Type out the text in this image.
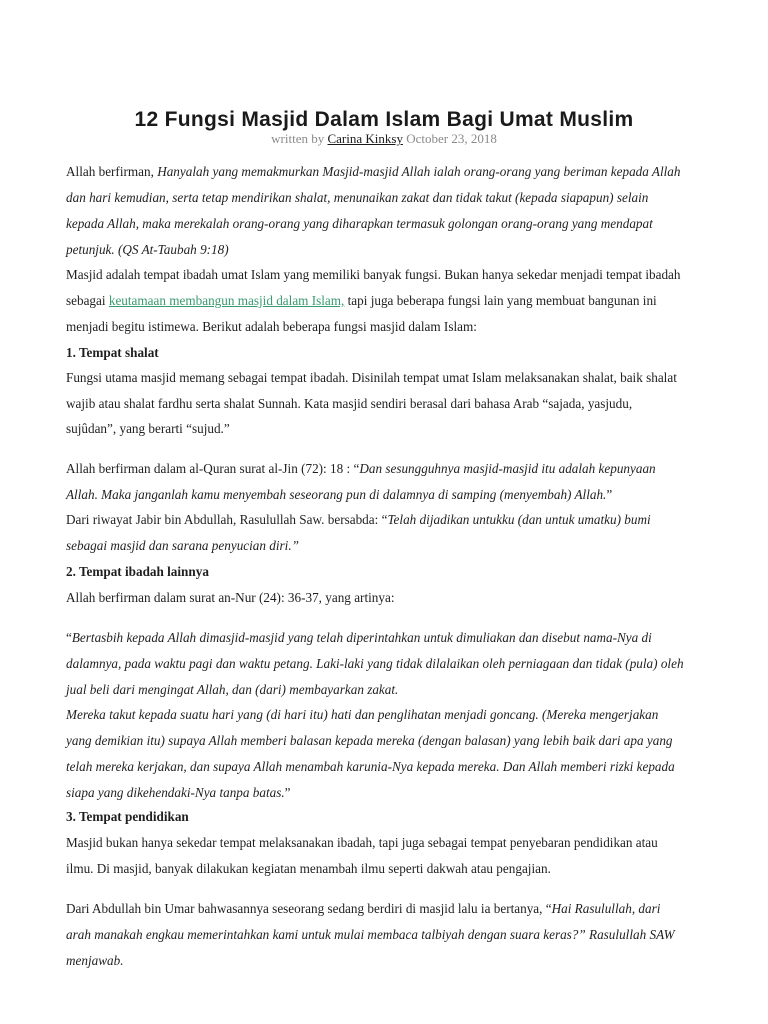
12 Fungsi Masjid Dalam Islam Bagi Umat Muslim
written by Carina Kinksy October 23, 2018
Allah berfirman, Hanyalah yang memakmurkan Masjid-masjid Allah ialah orang-orang yang beriman kepada Allah
dan hari kemudian, serta tetap mendirikan shalat, menunaikan zakat dan tidak takut (kepada siapapun) selain
kepada Allah, maka merekalah orang-orang yang diharapkan termasuk golongan orang-orang yang mendapat
petunjuk. (QS At-Taubah 9:18)
Masjid adalah tempat ibadah umat Islam yang memiliki banyak fungsi. Bukan hanya sekedar menjadi tempat ibadah
sebagai keutamaan membangun masjid dalam Islam, tapi juga beberapa fungsi lain yang membuat bangunan ini
menjadi begitu istimewa. Berikut adalah beberapa fungsi masjid dalam Islam:
1. Tempat shalat
Fungsi utama masjid memang sebagai tempat ibadah. Disinilah tempat umat Islam melaksanakan shalat, baik shalat
wajib atau shalat fardhu serta shalat Sunnah. Kata masjid sendiri berasal dari bahasa Arab “sajada, yasjudu,
sujûdan”, yang berarti “sujud.”
Allah berfirman dalam al-Quran surat al-Jin (72): 18 : “Dan sesungguhnya masjid-masjid itu adalah kepunyaan
Allah. Maka janganlah kamu menyembah seseorang pun di dalamnya di samping (menyembah) Allah.”
Dari riwayat Jabir bin Abdullah, Rasulullah Saw. bersabda: “Telah dijadikan untukku (dan untuk umatku) bumi
sebagai masjid dan sarana penyucian diri.”
2. Tempat ibadah lainnya
Allah berfirman dalam surat an-Nur (24): 36-37, yang artinya:
“Bertasbih kepada Allah dimasjid-masjid yang telah diperintahkan untuk dimuliakan dan disebut nama-Nya di
dalamnya, pada waktu pagi dan waktu petang. Laki-laki yang tidak dilalaikan oleh perniagaan dan tidak (pula) oleh
jual beli dari mengingat Allah, dan (dari) membayarkan zakat.
Mereka takut kepada suatu hari yang (di hari itu) hati dan penglihatan menjadi goncang. (Mereka mengerjakan
yang demikian itu) supaya Allah memberi balasan kepada mereka (dengan balasan) yang lebih baik dari apa yang
telah mereka kerjakan, dan supaya Allah menambah karunia-Nya kepada mereka. Dan Allah memberi rizki kepada
siapa yang dikehendaki-Nya tanpa batas.”
3. Tempat pendidikan
Masjid bukan hanya sekedar tempat melaksanakan ibadah, tapi juga sebagai tempat penyebaran pendidikan atau
ilmu. Di masjid, banyak dilakukan kegiatan menambah ilmu seperti dakwah atau pengajian.
Dari Abdullah bin Umar bahwasannya seseorang sedang berdiri di masjid lalu ia bertanya, “Hai Rasulullah, dari
arah manakah engkau memerintahkan kami untuk mulai membaca talbiyah dengan suara keras?” Rasulullah SAW
menjawab.
